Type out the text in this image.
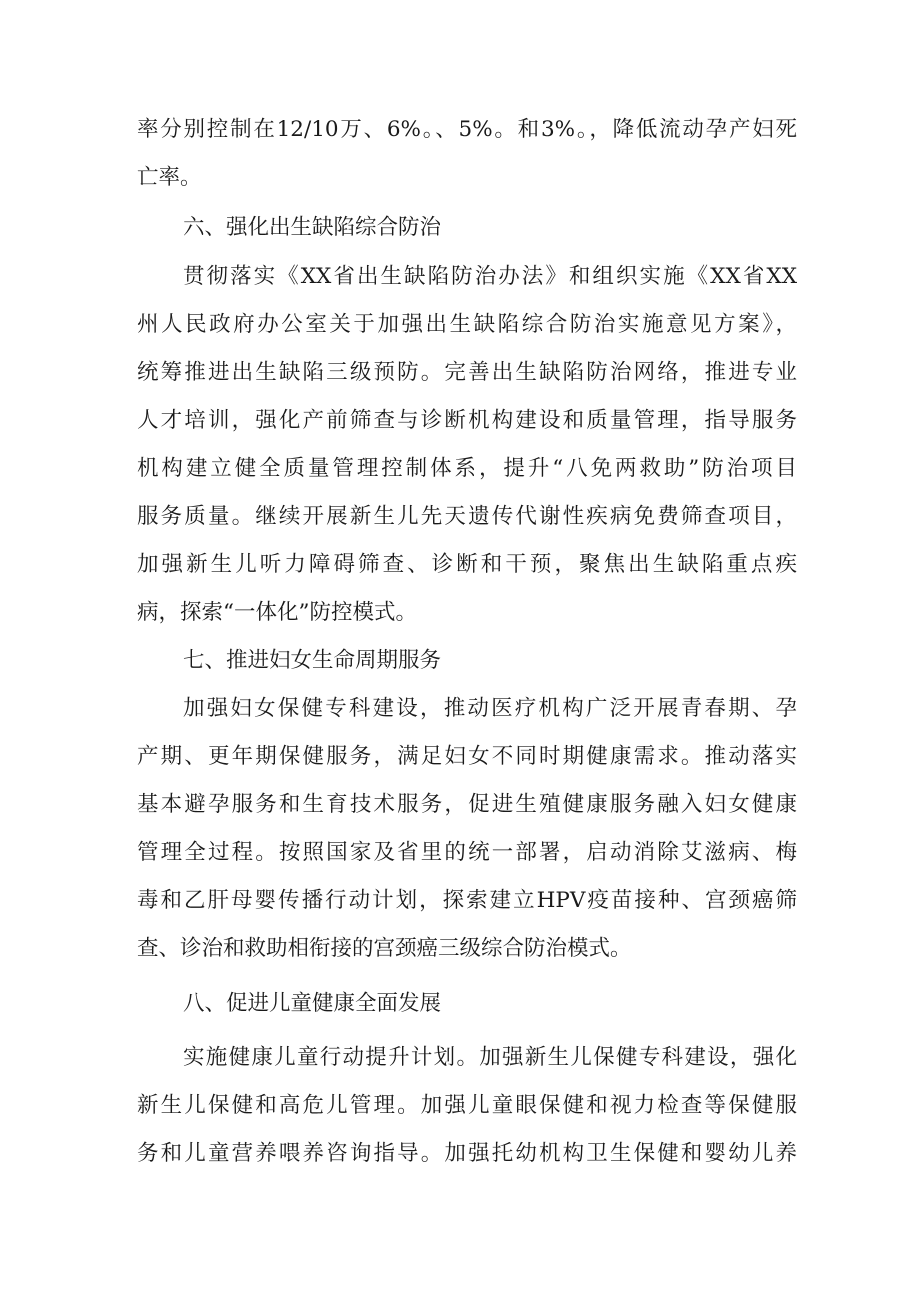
率分别控制在12/10万、6%。、5%。和3%。，降低流动孕产妇死
亡率。
六、强化出生缺陷综合防治
贯彻落实《XX省出生缺陷防治办法》和组织实施《XX省XX
州人民政府办公室关于加强出生缺陷综合防治实施意见方案》，
统筹推进出生缺陷三级预防。完善出生缺陷防治网络，推进专业
人才培训，强化产前筛查与诊断机构建设和质量管理，指导服务
机构建立健全质量管理控制体系，提升“八免两救助”防治项目
服务质量。继续开展新生儿先天遗传代谢性疾病免费筛查项目，
加强新生儿听力障碍筛查、诊断和干预，聚焦出生缺陷重点疾
病，探索“一体化”防控模式。
七、推进妇女生命周期服务
加强妇女保健专科建设，推动医疗机构广泛开展青春期、孕
产期、更年期保健服务，满足妇女不同时期健康需求。推动落实
基本避孕服务和生育技术服务，促进生殖健康服务融入妇女健康
管理全过程。按照国家及省里的统一部署，启动消除艾滋病、梅
毒和乙肝母婴传播行动计划，探索建立HPV疫苗接种、宫颈癌筛
查、诊治和救助相衔接的宫颈癌三级综合防治模式。
八、促进儿童健康全面发展
实施健康儿童行动提升计划。加强新生儿保健专科建设，强化
新生儿保健和高危儿管理。加强儿童眼保健和视力检查等保健服
务和儿童营养喂养咨询指导。加强托幼机构卫生保健和婴幼儿养
